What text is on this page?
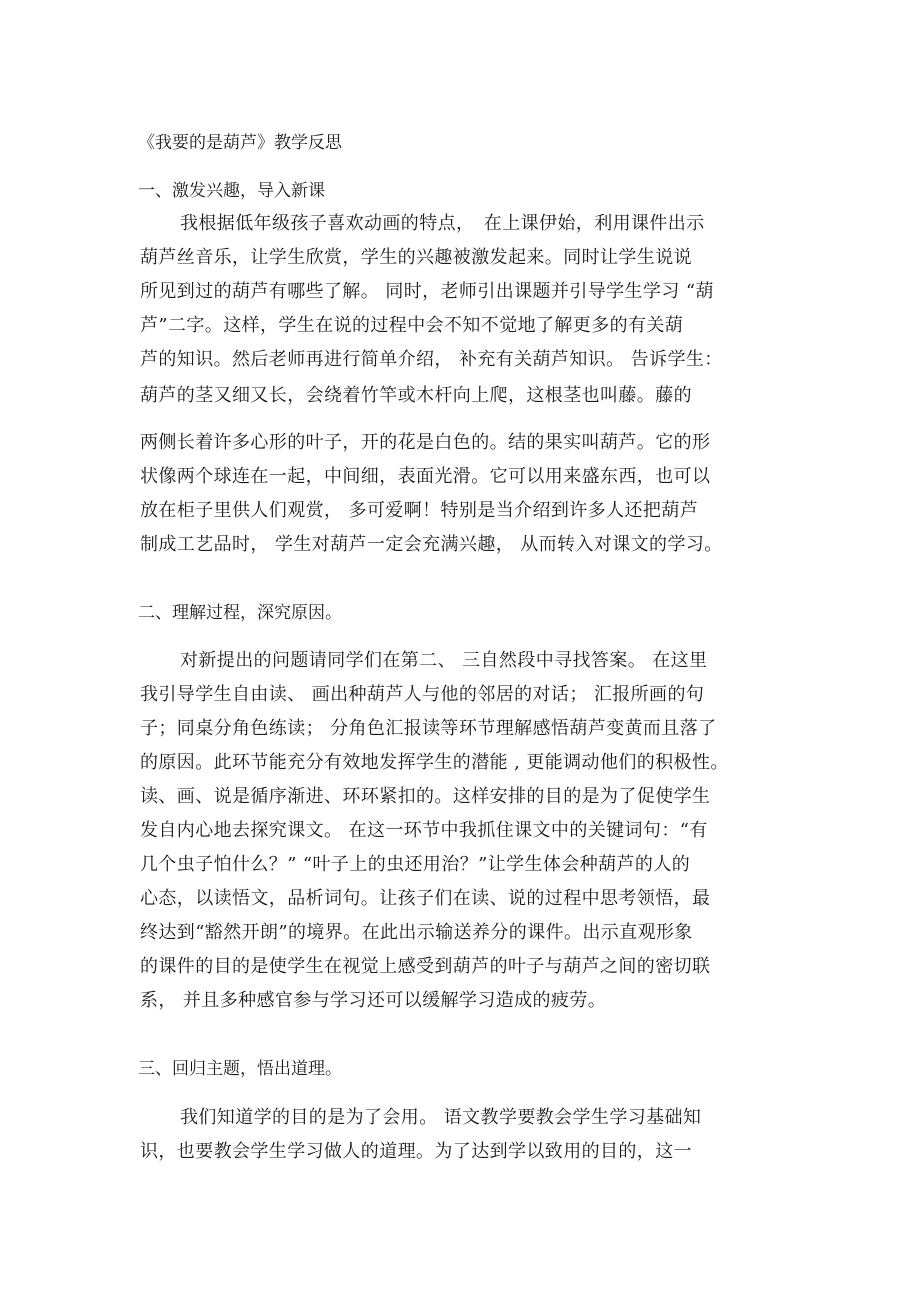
《我要的是葫芦》教学反思
一、激发兴趣，导入新课
我根据低年级孩子喜欢动画的特点，　在上课伊始，利用课件出示
葫芦丝音乐，让学生欣赏，学生的兴趣被激发起来。同时让学生说说
所见到过的葫芦有哪些了解。 同时，老师引出课题并引导学生学习 “葫
芦”二字。这样，学生在说的过程中会不知不觉地了解更多的有关葫
芦的知识。然后老师再进行简单介绍， 补充有关葫芦知识。 告诉学生：
葫芦的茎又细又长，会绕着竹竿或木杆向上爬，这根茎也叫藤。藤的
两侧长着许多心形的叶子，开的花是白色的。结的果实叫葫芦。它的形
状像两个球连在一起，中间细，表面光滑。它可以用来盛东西，也可以
放在柜子里供人们观赏， 多可爱啊！特别是当介绍到许多人还把葫芦
制成工艺品时， 学生对葫芦一定会充满兴趣， 从而转入对课文的学习。
二、理解过程，深究原因。
对新提出的问题请同学们在第二、 三自然段中寻找答案。 在这里
我引导学生自由读、 画出种葫芦人与他的邻居的对话； 汇报所画的句
子；同桌分角色练读； 分角色汇报读等环节理解感悟葫芦变黄而且落了
的原因。此环节能充分有效地发挥学生的潜能 , 更能调动他们的积极性。
读、画、说是循序渐进、环环紧扣的。这样安排的目的是为了促使学生
发自内心地去探究课文。 在这一环节中我抓住课文中的关键词句：“有
几个虫子怕什么？” “叶子上的虫还用治？”让学生体会种葫芦的人的
心态，以读悟文，品析词句。让孩子们在读、说的过程中思考领悟，最
终达到“豁然开朗”的境界。在此出示输送养分的课件。出示直观形象
的课件的目的是使学生在视觉上感受到葫芦的叶子与葫芦之间的密切联
系， 并且多种感官参与学习还可以缓解学习造成的疲劳。
三、回归主题，悟出道理。
我们知道学的目的是为了会用。 语文教学要教会学生学习基础知
识，也要教会学生学习做人的道理。为了达到学以致用的目的，这一
